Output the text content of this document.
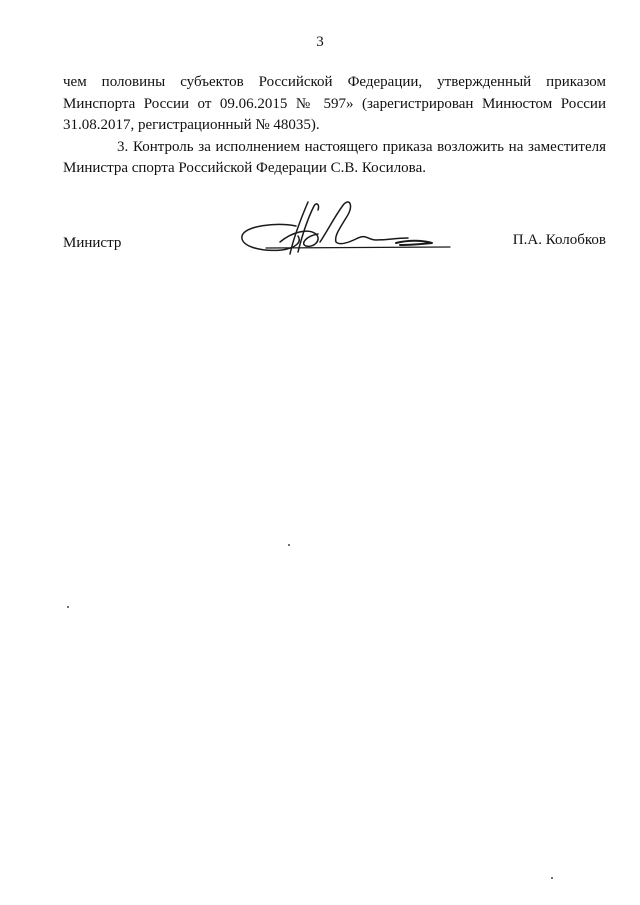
3

чем половины субъектов Российской Федерации, утвержденный приказом
Минспорта России от 09.06.2015 № 597» (зарегистрирован Минюстом России
31.08.2017, регистрационный № 48035).

3. Контроль за исполнением настоящего приказа возложить на заместителя
Министра спорта Российской Федерации С.В. Косилова.

Министр	П.А. Колобков
